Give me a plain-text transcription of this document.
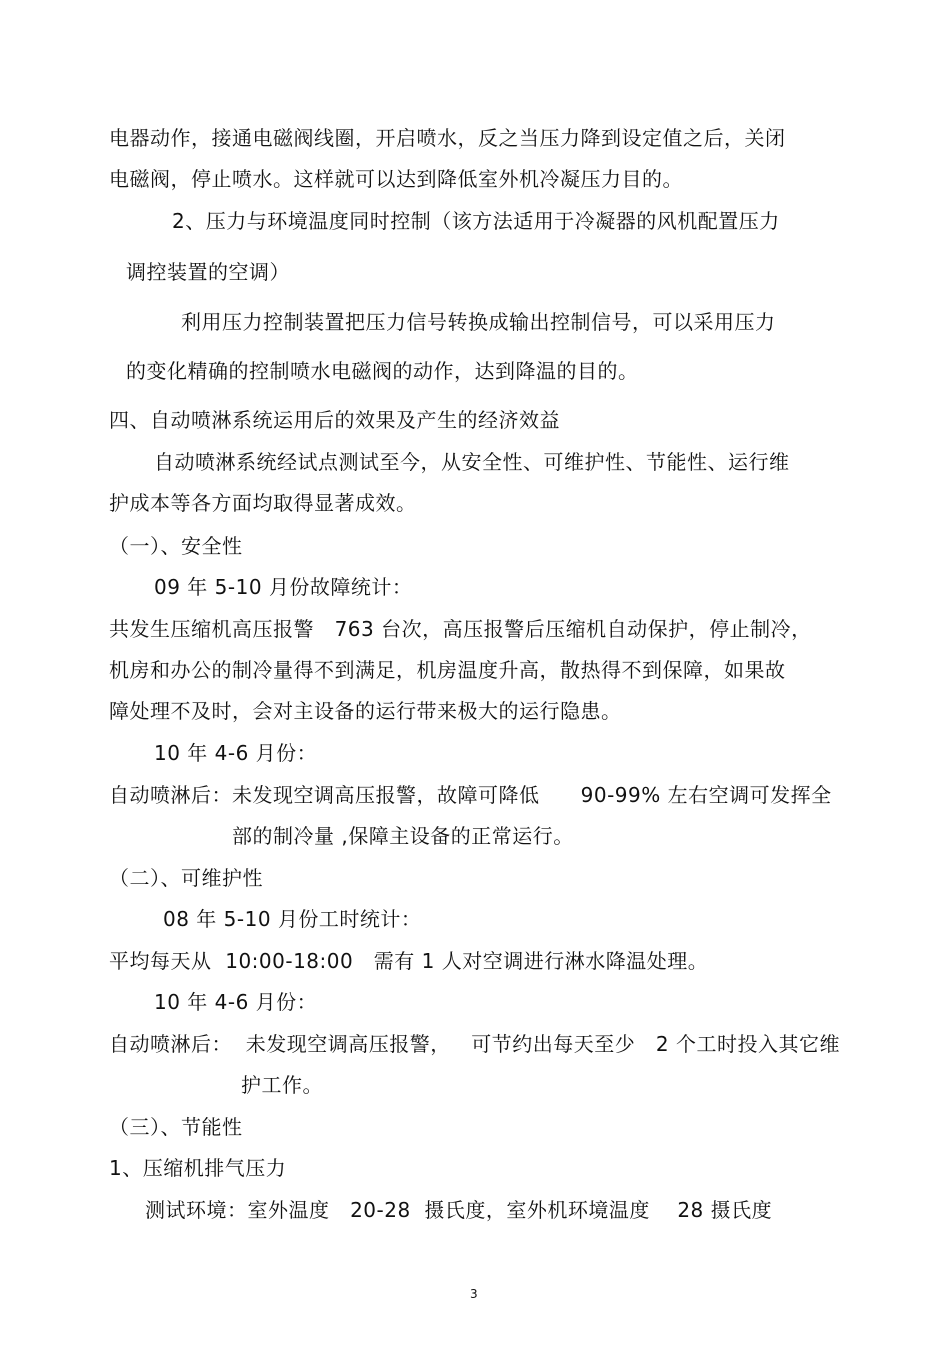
电器动作，接通电磁阀线圈，开启喷水，反之当压力降到设定值之后，关闭
电磁阀，停止喷水。这样就可以达到降低室外机冷凝压力目的。
2、压力与环境温度同时控制（该方法适用于冷凝器的风机配置压力
调控装置的空调）
利用压力控制装置把压力信号转换成输出控制信号，可以采用压力
的变化精确的控制喷水电磁阀的动作，达到降温的目的。
四、自动喷淋系统运用后的效果及产生的经济效益
自动喷淋系统经试点测试至今，从安全性、可维护性、节能性、运行维
护成本等各方面均取得显著成效。
（一）、安全性
09 年 5-10 月份故障统计：
共发生压缩机高压报警   763 台次，高压报警后压缩机自动保护，停止制冷，
机房和办公的制冷量得不到满足，机房温度升高，散热得不到保障，如果故
障处理不及时，会对主设备的运行带来极大的运行隐患。
10 年 4-6 月份：
自动喷淋后：未发现空调高压报警，故障可降低      90-99% 左右空调可发挥全
部的制冷量 ,保障主设备的正常运行。
（二）、可维护性
08 年 5-10 月份工时统计：
平均每天从  10:00-18:00   需有 1 人对空调进行淋水降温处理。
10 年 4-6 月份：
自动喷淋后：  未发现空调高压报警，   可节约出每天至少   2 个工时投入其它维
护工作。
（三）、节能性
1、压缩机排气压力
测试环境：室外温度   20-28  摄氏度，室外机环境温度    28 摄氏度
3
